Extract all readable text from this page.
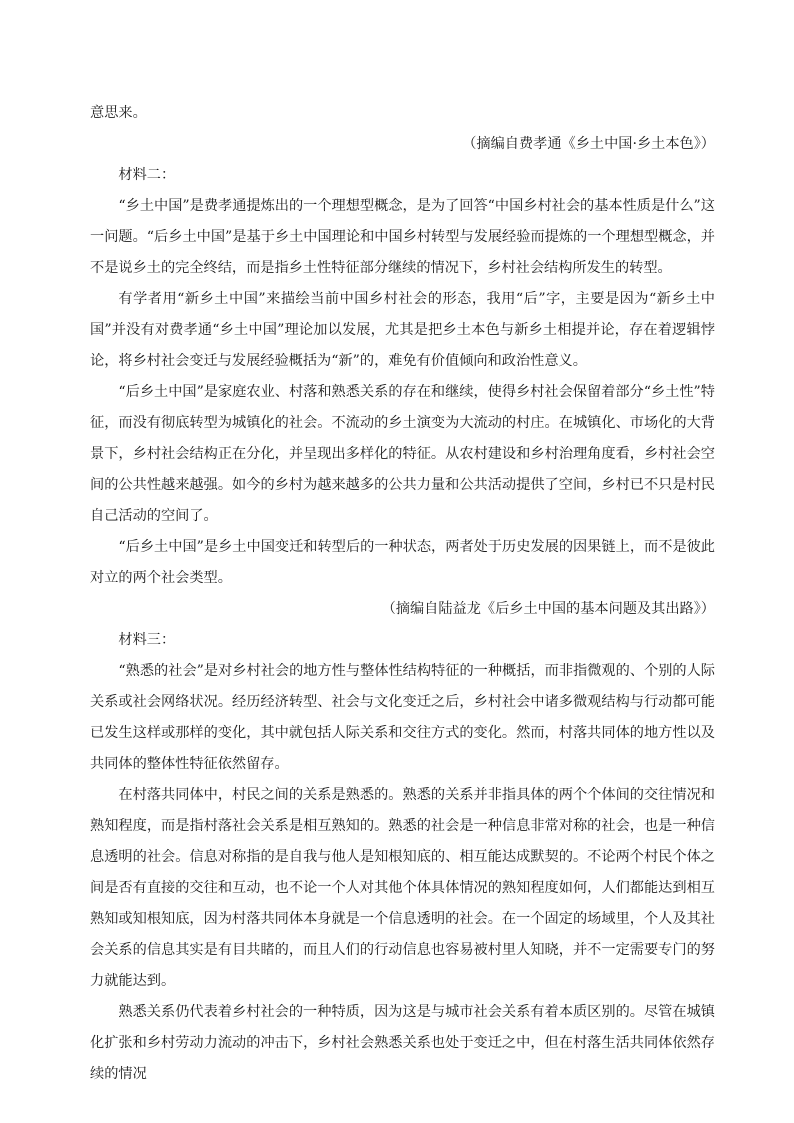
意思来。

（摘编自费孝通《乡土中国·乡土本色》）

材料二：

“乡土中国”是费孝通提炼出的一个理想型概念，是为了回答“中国乡村社会的基本性质是什么”这一问题。“后乡土中国”是基于乡土中国理论和中国乡村转型与发展经验而提炼的一个理想型概念，并不是说乡土的完全终结，而是指乡土性特征部分继续的情况下，乡村社会结构所发生的转型。

有学者用“新乡土中国”来描绘当前中国乡村社会的形态，我用“后”字，主要是因为“新乡土中国”并没有对费孝通“乡土中国”理论加以发展，尤其是把乡土本色与新乡土相提并论，存在着逻辑悖论，将乡村社会变迁与发展经验概括为“新”的，难免有价值倾向和政治性意义。

“后乡土中国”是家庭农业、村落和熟悉关系的存在和继续，使得乡村社会保留着部分“乡土性”特征，而没有彻底转型为城镇化的社会。不流动的乡土演变为大流动的村庄。在城镇化、市场化的大背景下，乡村社会结构正在分化，并呈现出多样化的特征。从农村建设和乡村治理角度看，乡村社会空间的公共性越来越强。如今的乡村为越来越多的公共力量和公共活动提供了空间，乡村已不只是村民自己活动的空间了。

“后乡土中国”是乡土中国变迁和转型后的一种状态，两者处于历史发展的因果链上，而不是彼此对立的两个社会类型。

（摘编自陆益龙《后乡土中国的基本问题及其出路》）

材料三：

“熟悉的社会”是对乡村社会的地方性与整体性结构特征的一种概括，而非指微观的、个别的人际关系或社会网络状况。经历经济转型、社会与文化变迁之后，乡村社会中诸多微观结构与行动都可能已发生这样或那样的变化，其中就包括人际关系和交往方式的变化。然而，村落共同体的地方性以及共同体的整体性特征依然留存。

在村落共同体中，村民之间的关系是熟悉的。熟悉的关系并非指具体的两个个体间的交往情况和熟知程度，而是指村落社会关系是相互熟知的。熟悉的社会是一种信息非常对称的社会，也是一种信息透明的社会。信息对称指的是自我与他人是知根知底的、相互能达成默契的。不论两个村民个体之间是否有直接的交往和互动，也不论一个人对其他个体具体情况的熟知程度如何，人们都能达到相互熟知或知根知底，因为村落共同体本身就是一个信息透明的社会。在一个固定的场域里，个人及其社会关系的信息其实是有目共睹的，而且人们的行动信息也容易被村里人知晓，并不一定需要专门的努力就能达到。

熟悉关系仍代表着乡村社会的一种特质，因为这是与城市社会关系有着本质区别的。尽管在城镇化扩张和乡村劳动力流动的冲击下，乡村社会熟悉关系也处于变迁之中，但在村落生活共同体依然存续的情况
